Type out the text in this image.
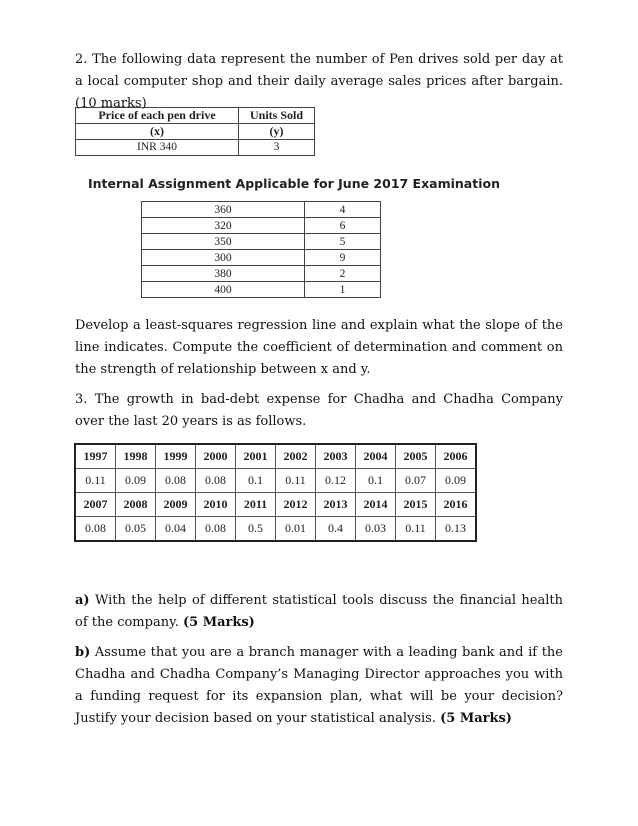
2. The following data represent the number of Pen drives sold per day at a local computer shop and their daily average sales prices after bargain. (10 marks)

Price of each pen drive	Units Sold
(x)	(y)
INR 340	3

Internal Assignment Applicable for June 2017 Examination

360	4
320	6
350	5
300	9
380	2
400	1

Develop a least-squares regression line and explain what the slope of the line indicates. Compute the coefficient of determination and comment on the strength of relationship between x and y.

3. The growth in bad-debt expense for Chadha and Chadha Company over the last 20 years is as follows.

1997	1998	1999	2000	2001	2002	2003	2004	2005	2006
0.11	0.09	0.08	0.08	0.1	0.11	0.12	0.1	0.07	0.09
2007	2008	2009	2010	2011	2012	2013	2014	2015	2016
0.08	0.05	0.04	0.08	0.5	0.01	0.4	0.03	0.11	0.13

a) With the help of different statistical tools discuss the financial health of the company. (5 Marks)

b) Assume that you are a branch manager with a leading bank and if the Chadha and Chadha Company’s Managing Director approaches you with a funding request for its expansion plan, what will be your decision? Justify your decision based on your statistical analysis. (5 Marks)
